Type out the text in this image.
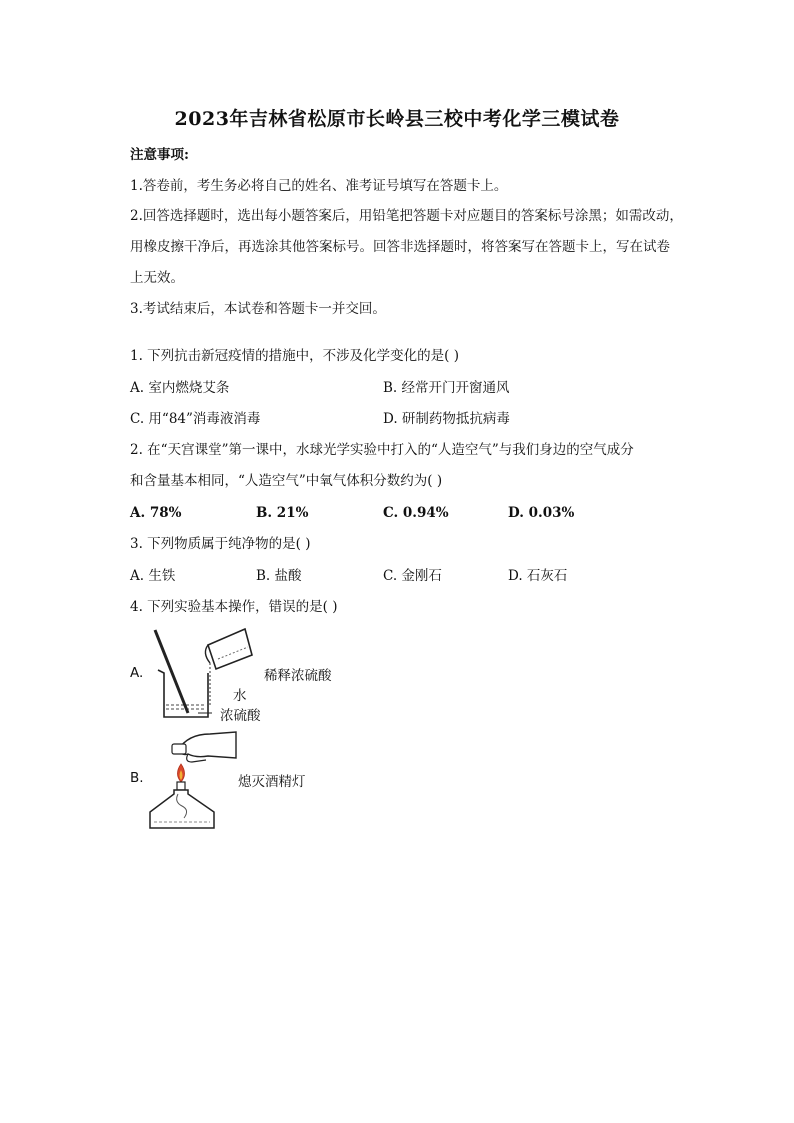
2023年吉林省松原市长岭县三校中考化学三模试卷
注意事项:
1.答卷前，考生务必将自己的姓名、准考证号填写在答题卡上。
2.回答选择题时，选出每小题答案后，用铅笔把答题卡对应题目的答案标号涂黑；如需改动，
用橡皮擦干净后，再选涂其他答案标号。回答非选择题时，将答案写在答题卡上，写在试卷
上无效。
3.考试结束后，本试卷和答题卡一并交回。
1. 下列抗击新冠疫情的措施中，不涉及化学变化的是( )
A. 室内燃烧艾条	B. 经常开门开窗通风
C. 用“84”消毒液消毒	D. 研制药物抵抗病毒
2. 在“天宫课堂”第一课中，水球光学实验中打入的“人造空气”与我们身边的空气成分
和含量基本相同，“人造空气”中氧气体积分数约为( )
A. 78%	B. 21%	C. 0.94%	D. 0.03%
3. 下列物质属于纯净物的是( )
A. 生铁	B. 盐酸	C. 金刚石	D. 石灰石
4. 下列实验基本操作，错误的是( )
A.	稀释浓硫酸
水
浓硫酸
B.	熄灭酒精灯
